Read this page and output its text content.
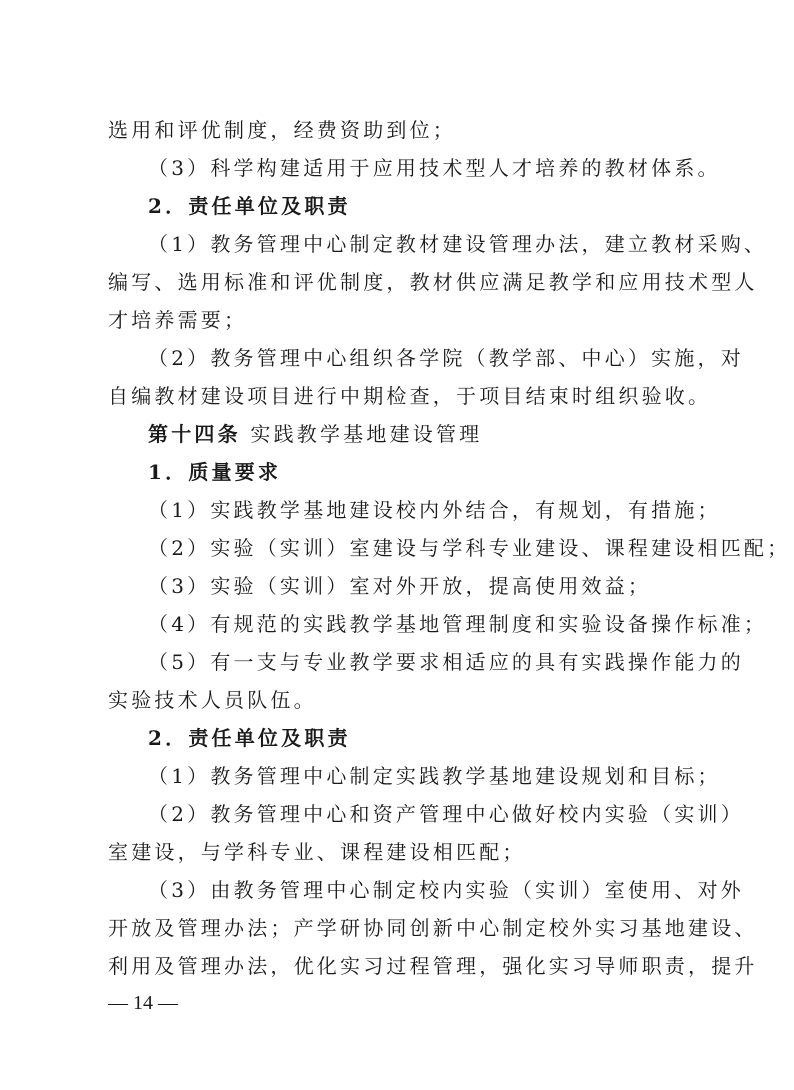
选用和评优制度，经费资助到位；
（3）科学构建适用于应用技术型人才培养的教材体系。
2．责任单位及职责
（1）教务管理中心制定教材建设管理办法，建立教材采购、
编写、选用标准和评优制度，教材供应满足教学和应用技术型人
才培养需要；
（2）教务管理中心组织各学院（教学部、中心）实施，对
自编教材建设项目进行中期检查，于项目结束时组织验收。
第十四条 实践教学基地建设管理
1．质量要求
（1）实践教学基地建设校内外结合，有规划，有措施；
（2）实验（实训）室建设与学科专业建设、课程建设相匹配；
（3）实验（实训）室对外开放，提高使用效益；
（4）有规范的实践教学基地管理制度和实验设备操作标准；
（5）有一支与专业教学要求相适应的具有实践操作能力的
实验技术人员队伍。
2．责任单位及职责
（1）教务管理中心制定实践教学基地建设规划和目标；
（2）教务管理中心和资产管理中心做好校内实验（实训）
室建设，与学科专业、课程建设相匹配；
（3）由教务管理中心制定校内实验（实训）室使用、对外
开放及管理办法；产学研协同创新中心制定校外实习基地建设、
利用及管理办法，优化实习过程管理，强化实习导师职责，提升
— 14 —
